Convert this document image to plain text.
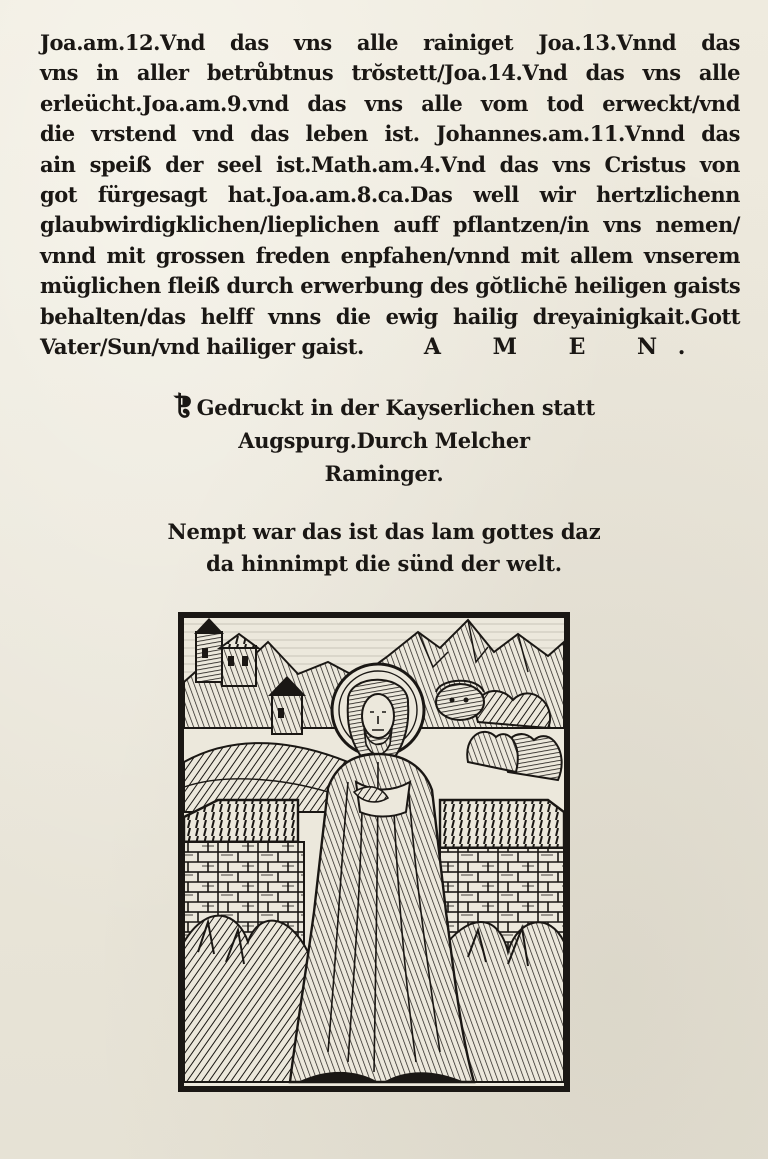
Joa.am.12.Vnd das vns alle rainiget Joa.13.Vnnd das
vns in aller betrůbtnus trŏstett/Joa.14.Vnd das vns alle
erleücht.Joa.am.9.vnd das vns alle vom tod erweckt/vnd
die vrstend vnd das leben ist. Johannes.am.11.Vnnd das
ain speiß der seel ist.Math.am.4.Vnd das vns Cristus von
got fürgesagt hat.Joa.am.8.ca.Das well wir hertzlichenn
glaubwirdigklichen/lieplichen auff pflantzen/in vns nemen/
vnnd mit grossen freden enpfahen/vnnd mit allem vnserem
müglichen fleiß durch erwerbung des gŏtlichē heiligen gaists
behalten/das helff vnns die ewig hailig dreyainigkait.Gott
Vater/Sun/vnd hailiger gaist.	A M E N.
❡Gedruckt in der Kayserlichen statt
Augspurg.Durch Melcher
Raminger.
Nempt war das ist das lam gottes daz
da hinnimpt die sünd der welt.
